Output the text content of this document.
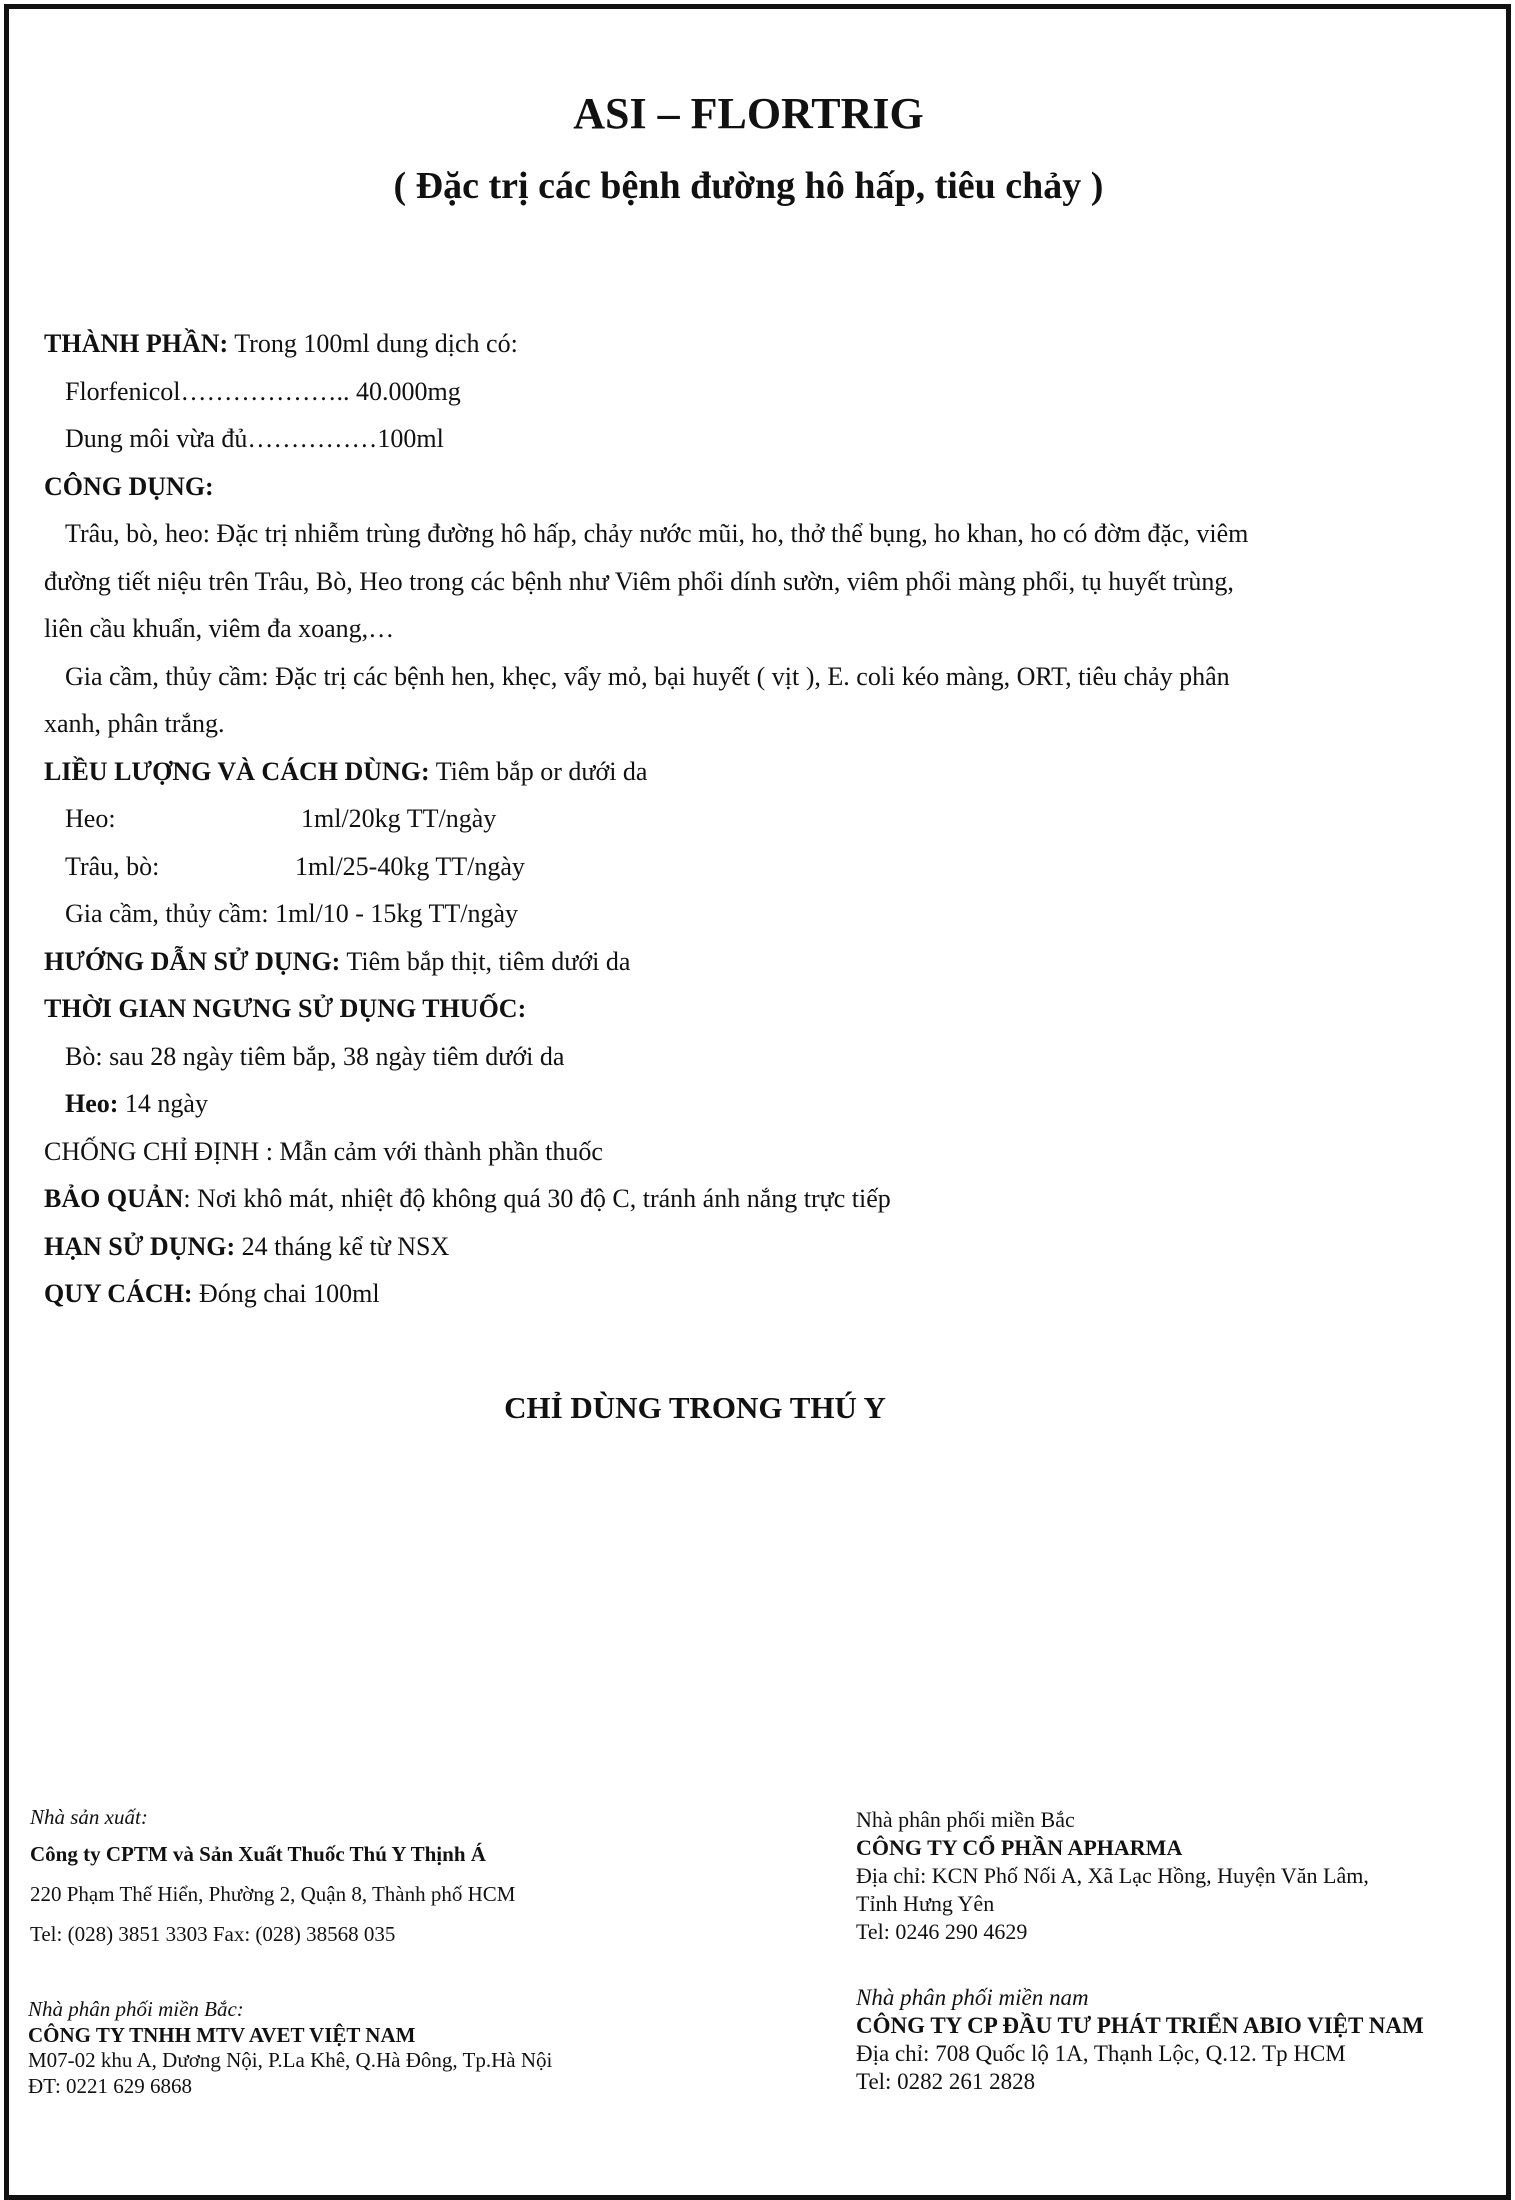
ASI – FLORTRIG
( Đặc trị các bệnh đường hô hấp, tiêu chảy )
THÀNH PHẦN: Trong 100ml dung dịch có:
Florfenicol……………….. 40.000mg
Dung môi vừa đủ……………100ml
CÔNG DỤNG:
Trâu, bò, heo: Đặc trị nhiễm trùng đường hô hấp, chảy nước mũi, ho, thở thể bụng, ho khan, ho có đờm đặc, viêm
đường tiết niệu trên Trâu, Bò, Heo trong các bệnh như Viêm phổi dính sườn, viêm phổi màng phổi, tụ huyết trùng,
liên cầu khuẩn, viêm đa xoang,…
Gia cầm, thủy cầm: Đặc trị các bệnh hen, khẹc, vẩy mỏ, bại huyết ( vịt ), E. coli kéo màng, ORT, tiêu chảy phân
xanh, phân trắng.
LIỀU LƯỢNG VÀ CÁCH DÙNG: Tiêm bắp or dưới da
Heo:	1ml/20kg TT/ngày
Trâu, bò:	1ml/25-40kg TT/ngày
Gia cầm, thủy cầm: 1ml/10 - 15kg TT/ngày
HƯỚNG DẪN SỬ DỤNG: Tiêm bắp thịt, tiêm dưới da
THỜI GIAN NGƯNG SỬ DỤNG THUỐC:
Bò: sau 28 ngày tiêm bắp, 38 ngày tiêm dưới da
Heo: 14 ngày
CHỐNG CHỈ ĐỊNH : Mẫn cảm với thành phần thuốc
BẢO QUẢN: Nơi khô mát, nhiệt độ không quá 30 độ C, tránh ánh nắng trực tiếp
HẠN SỬ DỤNG: 24 tháng kể từ NSX
QUY CÁCH: Đóng chai 100ml
CHỈ DÙNG TRONG THÚ Y
Nhà sản xuất:
Công ty CPTM và Sản Xuất Thuốc Thú Y Thịnh Á
220 Phạm Thế Hiển, Phường 2, Quận 8, Thành phố HCM
Tel: (028) 3851 3303 Fax: (028) 38568 035
Nhà phân phối miền Bắc:
CÔNG TY TNHH MTV AVET VIỆT NAM
M07-02 khu A, Dương Nội, P.La Khê, Q.Hà Đông, Tp.Hà Nội
ĐT: 0221 629 6868
Nhà phân phối miền Bắc
CÔNG TY CỔ PHẦN APHARMA
Địa chỉ: KCN Phố Nối A, Xã Lạc Hồng, Huyện Văn Lâm,
Tỉnh Hưng Yên
Tel: 0246 290 4629
Nhà phân phối miền nam
CÔNG TY CP ĐẦU TƯ PHÁT TRIỂN ABIO VIỆT NAM
Địa chỉ: 708 Quốc lộ 1A, Thạnh Lộc, Q.12. Tp HCM
Tel: 0282 261 2828
